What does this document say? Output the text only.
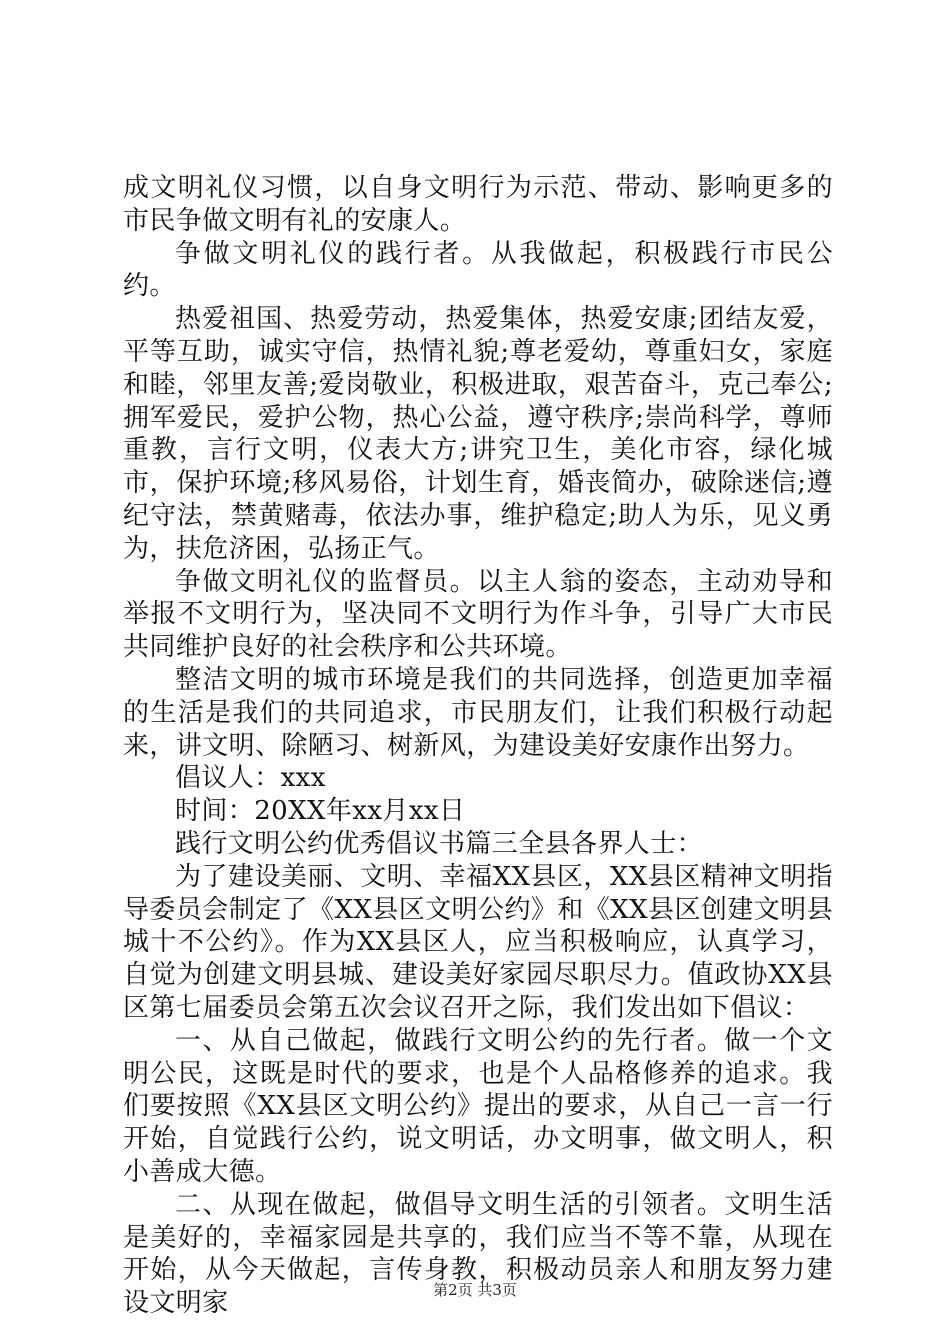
成文明礼仪习惯，以自身文明行为示范、带动、影响更多的市民争做文明有礼的安康人。

争做文明礼仪的践行者。从我做起，积极践行市民公约。

热爱祖国、热爱劳动，热爱集体，热爱安康;团结友爱，平等互助，诚实守信，热情礼貌;尊老爱幼，尊重妇女，家庭和睦，邻里友善;爱岗敬业，积极进取，艰苦奋斗，克己奉公;拥军爱民，爱护公物，热心公益，遵守秩序;崇尚科学，尊师重教，言行文明，仪表大方;讲究卫生，美化市容，绿化城市，保护环境;移风易俗，计划生育，婚丧简办，破除迷信;遵纪守法，禁黄赌毒，依法办事，维护稳定;助人为乐，见义勇为，扶危济困，弘扬正气。

争做文明礼仪的监督员。以主人翁的姿态，主动劝导和举报不文明行为，坚决同不文明行为作斗争，引导广大市民共同维护良好的社会秩序和公共环境。

整洁文明的城市环境是我们的共同选择，创造更加幸福的生活是我们的共同追求，市民朋友们，让我们积极行动起来，讲文明、除陋习、树新风，为建设美好安康作出努力。

倡议人：xxx

时间：20XX年xx月xx日

践行文明公约优秀倡议书篇三全县各界人士：

为了建设美丽、文明、幸福XX县区，XX县区精神文明指导委员会制定了《XX县区文明公约》和《XX县区创建文明县城十不公约》。作为XX县区人，应当积极响应，认真学习，自觉为创建文明县城、建设美好家园尽职尽力。值政协XX县区第七届委员会第五次会议召开之际，我们发出如下倡议：

一、从自己做起，做践行文明公约的先行者。做一个文明公民，这既是时代的要求，也是个人品格修养的追求。我们要按照《XX县区文明公约》提出的要求，从自己一言一行开始，自觉践行公约，说文明话，办文明事，做文明人，积小善成大德。

二、从现在做起，做倡导文明生活的引领者。文明生活是美好的，幸福家园是共享的，我们应当不等不靠，从现在开始，从今天做起，言传身教，积极动员亲人和朋友努力建设文明家	第2页 共3页
